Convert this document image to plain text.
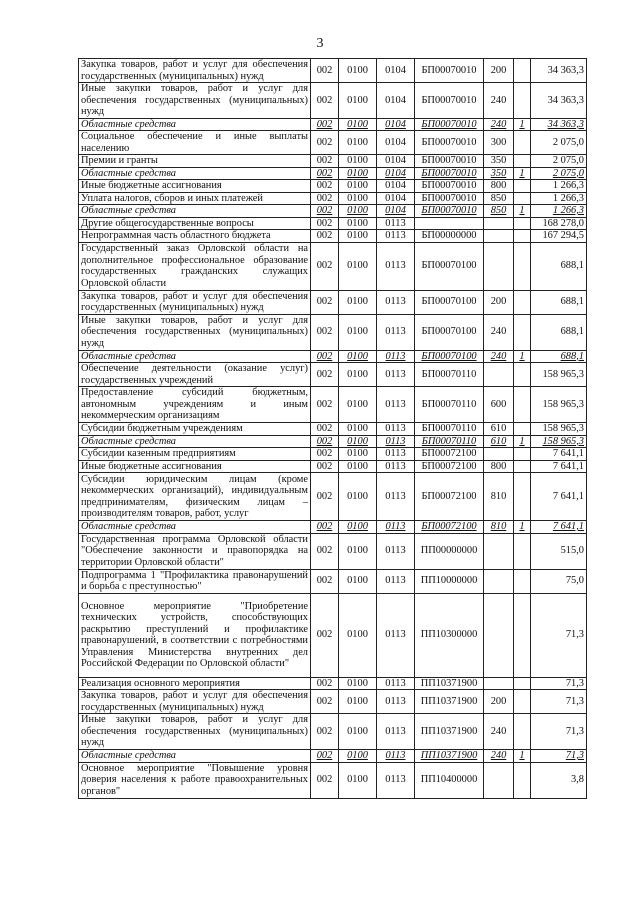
3
Закупка товаров, работ и услуг для обеспечения государственных (муниципальных) нужд	002	0100	0104	БП00070010	200		34 363,3
Иные закупки товаров, работ и услуг для обеспечения государственных (муниципальных) нужд	002	0100	0104	БП00070010	240		34 363,3
Областные средства	002	0100	0104	БП00070010	240	1	34 363,3
Социальное обеспечение и иные выплаты населению	002	0100	0104	БП00070010	300		2 075,0
Премии и гранты	002	0100	0104	БП00070010	350		2 075,0
Областные средства	002	0100	0104	БП00070010	350	1	2 075,0
Иные бюджетные ассигнования	002	0100	0104	БП00070010	800		1 266,3
Уплата налогов, сборов и иных платежей	002	0100	0104	БП00070010	850		1 266,3
Областные средства	002	0100	0104	БП00070010	850	1	1 266,3
Другие общегосударственные вопросы	002	0100	0113				168 278,0
Непрограммная часть областного бюджета	002	0100	0113	БП00000000			167 294,5
Государственный заказ Орловской области на дополнительное профессиональное образование государственных гражданских служащих Орловской области	002	0100	0113	БП00070100			688,1
Закупка товаров, работ и услуг для обеспечения государственных (муниципальных) нужд	002	0100	0113	БП00070100	200		688,1
Иные закупки товаров, работ и услуг для обеспечения государственных (муниципальных) нужд	002	0100	0113	БП00070100	240		688,1
Областные средства	002	0100	0113	БП00070100	240	1	688,1
Обеспечение деятельности (оказание услуг) государственных учреждений	002	0100	0113	БП00070110			158 965,3
Предоставление субсидий бюджетным, автономным учреждениям и иным некоммерческим организациям	002	0100	0113	БП00070110	600		158 965,3
Субсидии бюджетным учреждениям	002	0100	0113	БП00070110	610		158 965,3
Областные средства	002	0100	0113	БП00070110	610	1	158 965,3
Субсидии казенным предприятиям	002	0100	0113	БП00072100			7 641,1
Иные бюджетные ассигнования	002	0100	0113	БП00072100	800		7 641,1
Субсидии юридическим лицам (кроме некоммерческих организаций), индивидуальным предпринимателям, физическим лицам – производителям товаров, работ, услуг	002	0100	0113	БП00072100	810		7 641,1
Областные средства	002	0100	0113	БП00072100	810	1	7 641,1
Государственная программа Орловской области "Обеспечение законности и правопорядка на территории Орловской области"	002	0100	0113	ПП00000000			515,0
Подпрограмма 1 "Профилактика правонарушений и борьба с преступностью"	002	0100	0113	ПП10000000			75,0
Основное мероприятие "Приобретение технических устройств, способствующих раскрытию преступлений и профилактике правонарушений, в соответствии с потребностями Управления Министерства внутренних дел Российской Федерации по Орловской области"	002	0100	0113	ПП10300000			71,3
Реализация основного мероприятия	002	0100	0113	ПП10371900			71,3
Закупка товаров, работ и услуг для обеспечения государственных (муниципальных) нужд	002	0100	0113	ПП10371900	200		71,3
Иные закупки товаров, работ и услуг для обеспечения государственных (муниципальных) нужд	002	0100	0113	ПП10371900	240		71,3
Областные средства	002	0100	0113	ПП10371900	240	1	71,3
Основное мероприятие "Повышение уровня доверия населения к работе правоохранительных органов"	002	0100	0113	ПП10400000			3,8
